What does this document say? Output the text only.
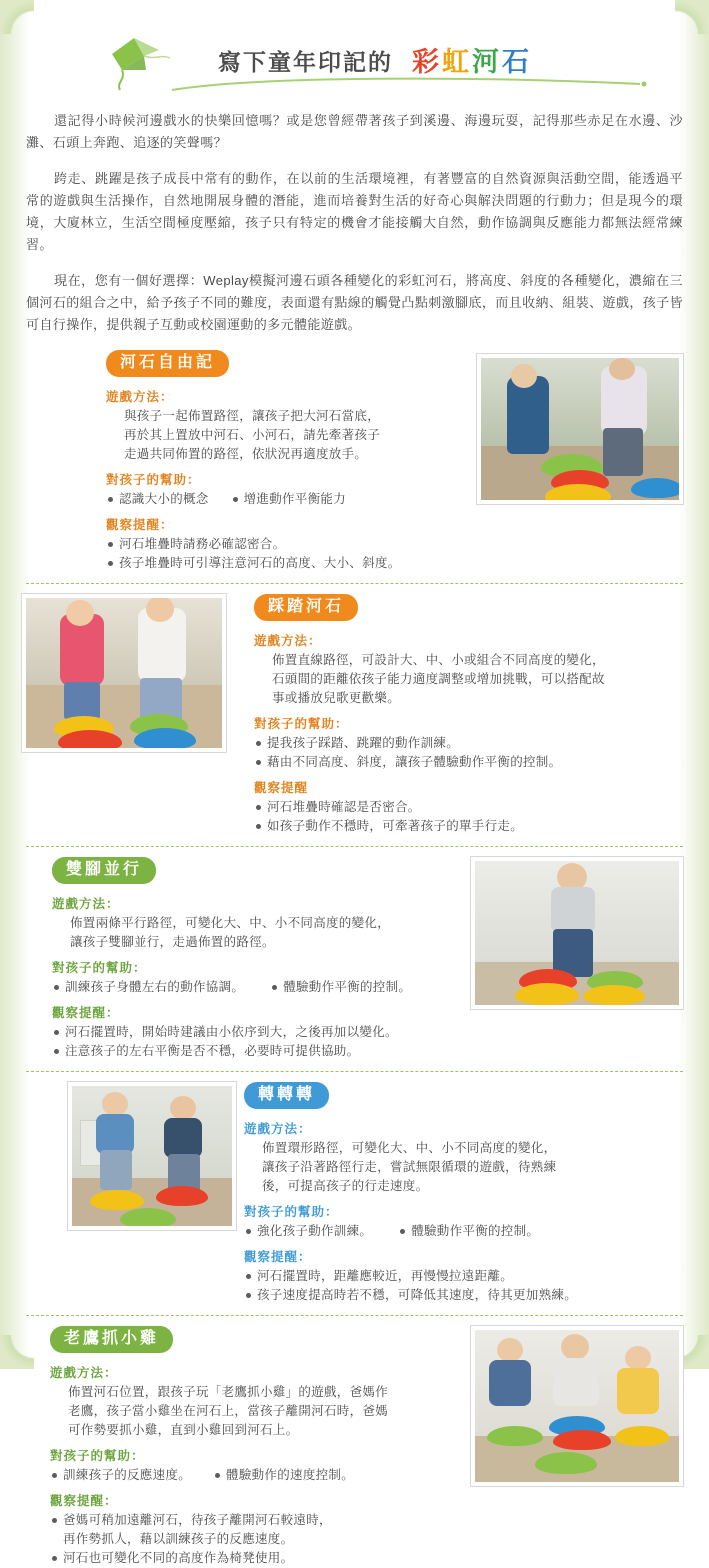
寫下童年印記的 彩虹河石

還記得小時候河邊戲水的快樂回憶嗎？或是您曾經帶著孩子到溪邊、海邊玩耍，記得那些赤足在水邊、沙灘、石頭上奔跑、追逐的笑聲嗎？

跨走、跳躍是孩子成長中常有的動作，在以前的生活環境裡，有著豐富的自然資源與活動空間，能透過平常的遊戲與生活操作，自然地開展身體的潛能，進而培養對生活的好奇心與解決問題的行動力；但是現今的環境，大廈林立，生活空間極度壓縮，孩子只有特定的機會才能接觸大自然，動作協調與反應能力都無法經常練習。

現在，您有一個好選擇：Weplay模擬河邊石頭各種變化的彩虹河石，將高度、斜度的各種變化，濃縮在三個河石的組合之中，給予孩子不同的難度，表面還有點線的觸覺凸點刺激腳底，而且收納、組裝、遊戲，孩子皆可自行操作，提供親子互動或校園運動的多元體能遊戲。

河石自由記
遊戲方法：
與孩子一起佈置路徑，讓孩子把大河石當底，
再於其上置放中河石、小河石，請先牽著孩子
走過共同佈置的路徑，依狀況再適度放手。
對孩子的幫助：
認識大小的概念	增進動作平衡能力
觀察提醒：
河石堆疊時請務必確認密合。
孩子堆疊時可引導注意河石的高度、大小、斜度。
踩踏河石
遊戲方法：
佈置直線路徑，可設計大、中、小或組合不同高度的變化，
石頭間的距離依孩子能力適度調整或增加挑戰，可以搭配故
事或播放兒歌更歡樂。
對孩子的幫助：
提我孩子踩踏、跳躍的動作訓練。
藉由不同高度、斜度，讓孩子體驗動作平衡的控制。
觀察提醒
河石堆疊時確認是否密合。
如孩子動作不穩時，可牽著孩子的單手行走。
雙腳並行
遊戲方法：
佈置兩條平行路徑，可變化大、中、小不同高度的變化，
讓孩子雙腳並行，走過佈置的路徑。
對孩子的幫助：
訓練孩子身體左右的動作協調。	體驗動作平衡的控制。
觀察提醒：
河石擺置時，開始時建議由小依序到大，之後再加以變化。
注意孩子的左右平衡是否不穩，必要時可提供協助。
轉轉轉
遊戲方法：
佈置環形路徑，可變化大、中、小不同高度的變化，
讓孩子沿著路徑行走，嘗試無限循環的遊戲，待熟練
後，可提高孩子的行走速度。
對孩子的幫助：
強化孩子動作訓練。	體驗動作平衡的控制。
觀察提醒：
河石擺置時，距離應較近，再慢慢拉遠距離。
孩子速度提高時若不穩，可降低其速度，待其更加熟練。
老鷹抓小雞
遊戲方法：
佈置河石位置，跟孩子玩「老鷹抓小雞」的遊戲，爸媽作
老鷹，孩子當小雞坐在河石上，當孩子離開河石時，爸媽
可作勢要抓小雞，直到小雞回到河石上。
對孩子的幫助：
訓練孩子的反應速度。	體驗動作的速度控制。
觀察提醒：
爸媽可稍加遠離河石，待孩子離開河石較遠時，
再作勢抓人，藉以訓練孩子的反應速度。
河石也可變化不同的高度作為椅凳使用。
